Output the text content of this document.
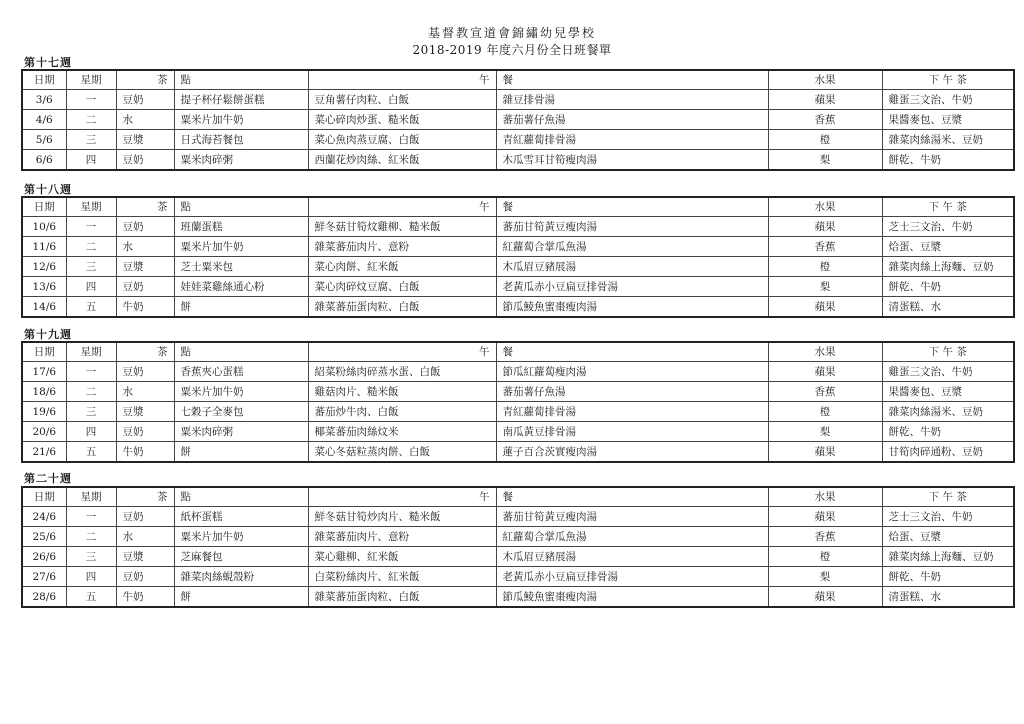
基督教宣道會錦繡幼兒學校
2018-2019 年度六月份全日班餐單
第十七週
日期	星期	茶	點	午	餐	水果	下 午 茶
3/6	一	豆奶	提子杯仔鬆餅蛋糕	豆角薯仔肉粒、白飯	雜豆排骨湯	蘋果	雞蛋三文治、牛奶
4/6	二	水	粟米片加牛奶	菜心碎肉炒蛋、糙米飯	蕃茄薯仔魚湯	香蕉	果醬麥包、豆漿
5/6	三	豆漿	日式海苔餐包	菜心魚肉蒸豆腐、白飯	青紅蘿蔔排骨湯	橙	雜菜肉絲湯米、豆奶
6/6	四	豆奶	粟米肉碎粥	西蘭花炒肉絲、紅米飯	木瓜雪耳甘筍瘦肉湯	梨	餅乾、牛奶
第十八週
日期	星期	茶	點	午	餐	水果	下 午 茶
10/6	一	豆奶	班蘭蛋糕	鮮冬菇甘筍炆雞柳、糙米飯	蕃茄甘筍黃豆瘦肉湯	蘋果	芝士三文治、牛奶
11/6	二	水	粟米片加牛奶	雜菜蕃茄肉片、意粉	紅蘿蔔合掌瓜魚湯	香蕉	烚蛋、豆漿
12/6	三	豆漿	芝士粟米包	菜心肉餅、紅米飯	木瓜眉豆豬展湯	橙	雜菜肉絲上海麵、豆奶
13/6	四	豆奶	娃娃菜雞絲通心粉	菜心肉碎炆豆腐、白飯	老黃瓜赤小豆扁豆排骨湯	梨	餅乾、牛奶
14/6	五	牛奶	餅	雜菜蕃茄蛋肉粒、白飯	節瓜鯪魚蜜棗瘦肉湯	蘋果	清蛋糕、水
第十九週
日期	星期	茶	點	午	餐	水果	下 午 茶
17/6	一	豆奶	香蕉夾心蛋糕	紹菜粉絲肉碎蒸水蛋、白飯	節瓜紅蘿蔔瘦肉湯	蘋果	雞蛋三文治、牛奶
18/6	二	水	粟米片加牛奶	雞菇肉片、糙米飯	蕃茄薯仔魚湯	香蕉	果醬麥包、豆漿
19/6	三	豆漿	七穀子全麥包	蕃茄炒牛肉、白飯	青紅蘿蔔排骨湯	橙	雜菜肉絲湯米、豆奶
20/6	四	豆奶	粟米肉碎粥	椰菜蕃茄肉絲炆米	南瓜黃豆排骨湯	梨	餅乾、牛奶
21/6	五	牛奶	餅	菜心冬菇粒蒸肉餅、白飯	蓮子百合茨實瘦肉湯	蘋果	甘筍肉碎通粉、豆奶
第二十週
日期	星期	茶	點	午	餐	水果	下 午 茶
24/6	一	豆奶	紙杯蛋糕	鮮冬菇甘筍炒肉片、糙米飯	蕃茄甘筍黃豆瘦肉湯	蘋果	芝士三文治、牛奶
25/6	二	水	粟米片加牛奶	雜菜蕃茄肉片、意粉	紅蘿蔔合掌瓜魚湯	香蕉	烚蛋、豆漿
26/6	三	豆漿	芝麻餐包	菜心雞柳、紅米飯	木瓜眉豆豬展湯	橙	雜菜肉絲上海麵、豆奶
27/6	四	豆奶	雜菜肉絲蜆殼粉	白菜粉絲肉片、紅米飯	老黃瓜赤小豆扁豆排骨湯	梨	餅乾、牛奶
28/6	五	牛奶	餅	雜菜蕃茄蛋肉粒、白飯	節瓜鯪魚蜜棗瘦肉湯	蘋果	清蛋糕、水
